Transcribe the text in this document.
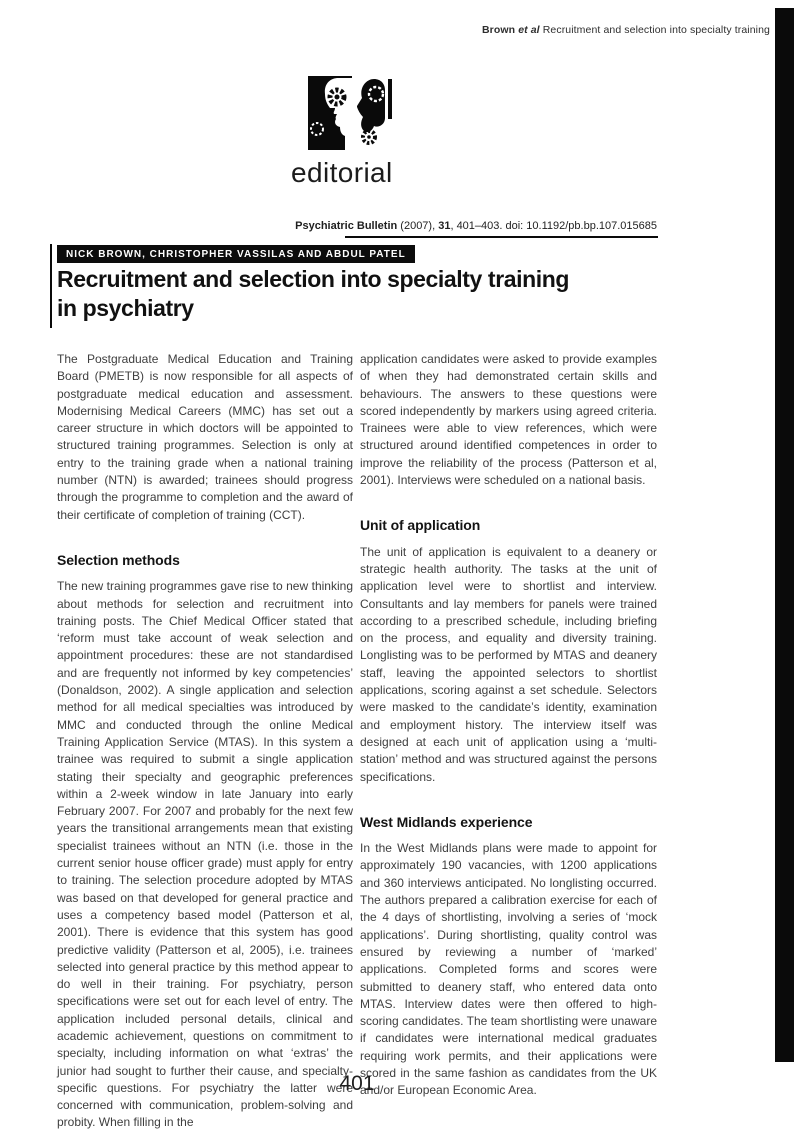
Brown et al Recruitment and selection into specialty training
editorial
Psychiatric Bulletin (2007), 31, 401–403. doi: 10.1192/pb.bp.107.015685
NICK BROWN, CHRISTOPHER VASSILAS AND ABDUL PATEL
Recruitment and selection into specialty training
in psychiatry

The Postgraduate Medical Education and Training Board (PMETB) is now responsible for all aspects of postgraduate medical education and assessment. Modernising Medical Careers (MMC) has set out a career structure in which doctors will be appointed to structured training programmes. Selection is only at entry to the training grade when a national training number (NTN) is awarded; trainees should progress through the programme to completion and the award of their certificate of completion of training (CCT).

Selection methods

The new training programmes gave rise to new thinking about methods for selection and recruitment into training posts. The Chief Medical Officer stated that ‘reform must take account of weak selection and appointment procedures: these are not standardised and are frequently not informed by key competencies’ (Donaldson, 2002). A single application and selection method for all medical specialties was introduced by MMC and conducted through the online Medical Training Application Service (MTAS). In this system a trainee was required to submit a single application stating their specialty and geographic preferences within a 2-week window in late January into early February 2007. For 2007 and probably for the next few years the transitional arrangements mean that existing specialist trainees without an NTN (i.e. those in the current senior house officer grade) must apply for entry to training. The selection procedure adopted by MTAS was based on that developed for general practice and uses a competency based model (Patterson et al, 2001). There is evidence that this system has good predictive validity (Patterson et al, 2005), i.e. trainees selected into general practice by this method appear to do well in their training. For psychiatry, person specifications were set out for each level of entry. The application included personal details, clinical and academic achievement, questions on commitment to specialty, including information on what ‘extras’ the junior had sought to further their cause, and specialty-specific questions. For psychiatry the latter were concerned with communication, problem-solving and probity. When filling in the

application candidates were asked to provide examples of when they had demonstrated certain skills and behaviours. The answers to these questions were scored independently by markers using agreed criteria. Trainees were able to view references, which were structured around identified competences in order to improve the reliability of the process (Patterson et al, 2001). Interviews were scheduled on a national basis.

Unit of application

The unit of application is equivalent to a deanery or strategic health authority. The tasks at the unit of application level were to shortlist and interview. Consultants and lay members for panels were trained according to a prescribed schedule, including briefing on the process, and equality and diversity training. Longlisting was to be performed by MTAS and deanery staff, leaving the appointed selectors to shortlist applications, scoring against a set schedule. Selectors were masked to the candidate’s identity, examination and employment history. The interview itself was designed at each unit of application using a ‘multi-station’ method and was structured against the persons specifications.

West Midlands experience

In the West Midlands plans were made to appoint for approximately 190 vacancies, with 1200 applications and 360 interviews anticipated. No longlisting occurred. The authors prepared a calibration exercise for each of the 4 days of shortlisting, involving a series of ‘mock applications’. During shortlisting, quality control was ensured by reviewing a number of ‘marked’ applications. Completed forms and scores were submitted to deanery staff, who entered data onto MTAS. Interview dates were then offered to high-scoring candidates. The team shortlisting were unaware if candidates were international medical graduates requiring work permits, and their applications were scored in the same fashion as candidates from the UK and/or European Economic Area.

401
